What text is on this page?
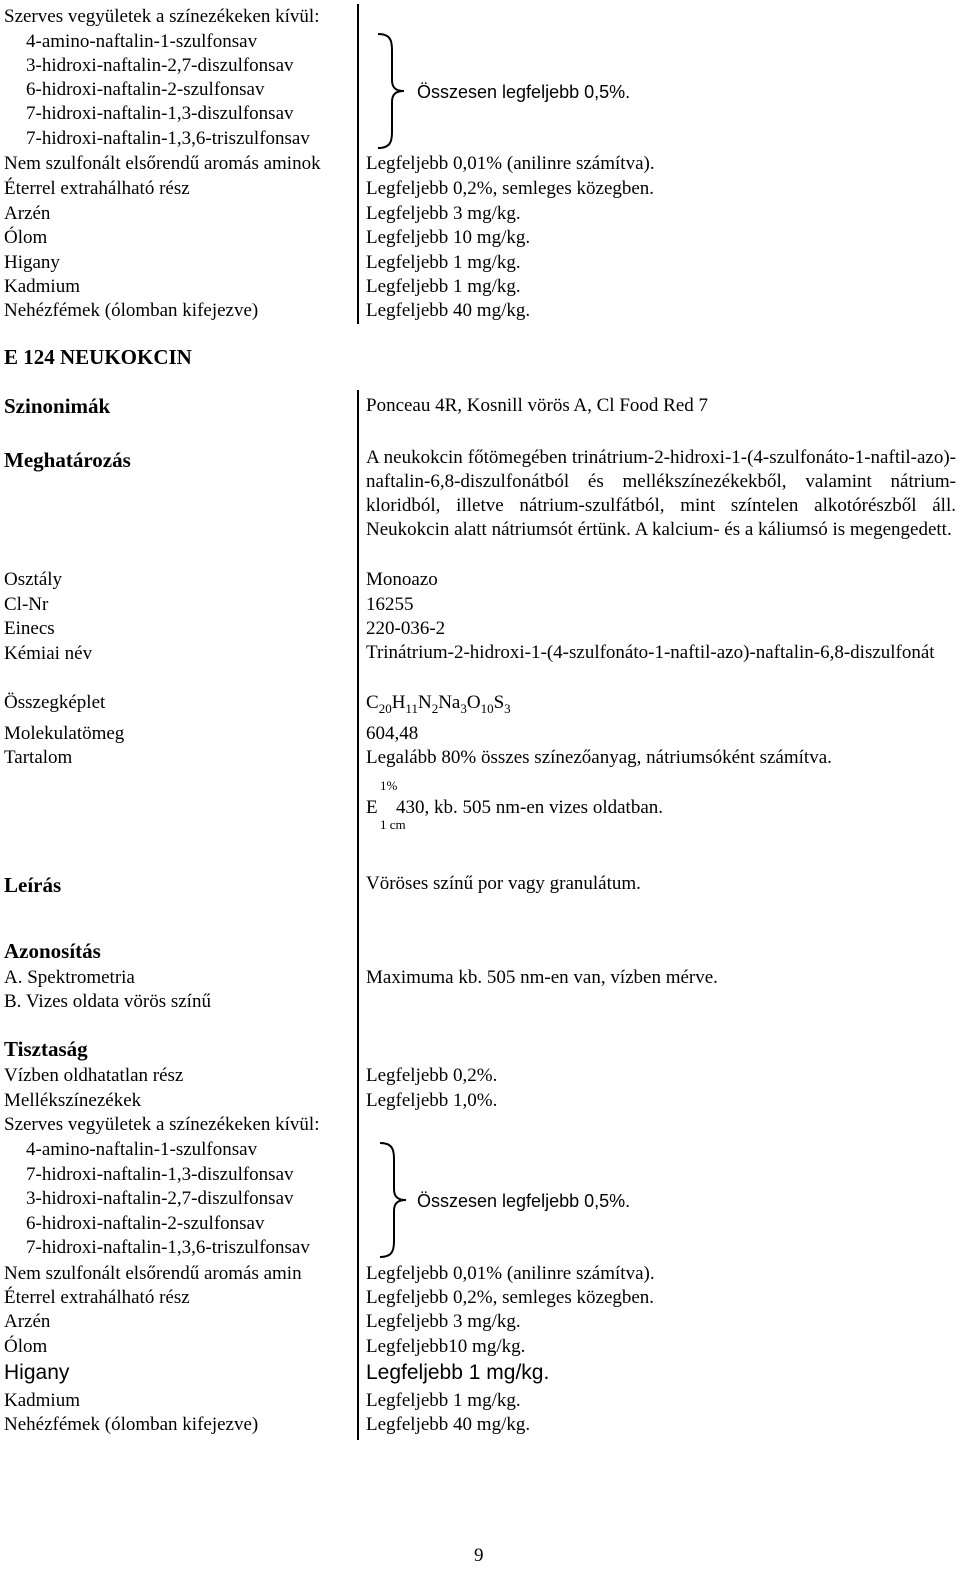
Szerves vegyületek a színezékeken kívül:
4-amino-naftalin-1-szulfonsav
3-hidroxi-naftalin-2,7-diszulfonsav
6-hidroxi-naftalin-2-szulfonsav
7-hidroxi-naftalin-1,3-diszulfonsav
7-hidroxi-naftalin-1,3,6-triszulfonsav
Összesen legfeljebb 0,5%.
Nem szulfonált elsőrendű aromás aminok Legfeljebb 0,01% (anilinre számítva).
Éterrel extrahálható rész	Legfeljebb 0,2%, semleges közegben.
Arzén	Legfeljebb 3 mg/kg.
Ólom	Legfeljebb 10 mg/kg.
Higany	Legfeljebb 1 mg/kg.
Kadmium	Legfeljebb 1 mg/kg.
Nehézfémek (ólomban kifejezve)	Legfeljebb 40 mg/kg.
E 124 NEUKOKCIN
Szinonimák	Ponceau 4R, Kosnill vörös A, Cl Food Red 7
Meghatározás	A neukokcin főtömegében trinátrium-2-hidroxi-1-(4-szulfonáto-1-naftil-azo)-naftalin-6,8-diszulfonátból és mellékszínezékekből, valamint nátrium-kloridból, illetve nátrium-szulfátból, mint színtelen alkotórészből áll. Neukokcin alatt nátriumsót értünk. A kalcium- és a káliumsó is megengedett.
Osztály	Monoazo
Cl-Nr	16255
Einecs	220-036-2
Kémiai név	Trinátrium-2-hidroxi-1-(4-szulfonáto-1-naftil-azo)-naftalin-6,8-diszulfonát
Összegképlet	$C_{20}H_{11}N_2Na_3O_{10}S_3$
Molekulatömeg	604,48
Tartalom	Legalább 80% összes színezőanyag, nátriumsóként számítva.
1%
E 430, kb. 505 nm-en vizes oldatban.
1 cm
Leírás	Vöröses színű por vagy granulátum.
Azonosítás
A. Spektrometria	Maximuma kb. 505 nm-en van, vízben mérve.
B. Vizes oldata vörös színű
Tisztaság
Vízben oldhatatlan rész	Legfeljebb 0,2%.
Mellékszínezékek	Legfeljebb 1,0%.
Szerves vegyületek a színezékeken kívül:
4-amino-naftalin-1-szulfonsav
7-hidroxi-naftalin-1,3-diszulfonsav
3-hidroxi-naftalin-2,7-diszulfonsav
6-hidroxi-naftalin-2-szulfonsav
7-hidroxi-naftalin-1,3,6-triszulfonsav
Összesen legfeljebb 0,5%.
Nem szulfonált elsőrendű aromás amin	Legfeljebb 0,01% (anilinre számítva).
Éterrel extrahálható rész	Legfeljebb 0,2%, semleges közegben.
Arzén	Legfeljebb 3 mg/kg.
Ólom	Legfeljebb10 mg/kg.
Higany	Legfeljebb 1 mg/kg.
Kadmium	Legfeljebb 1 mg/kg.
Nehézfémek (ólomban kifejezve)	Legfeljebb 40 mg/kg.
9
